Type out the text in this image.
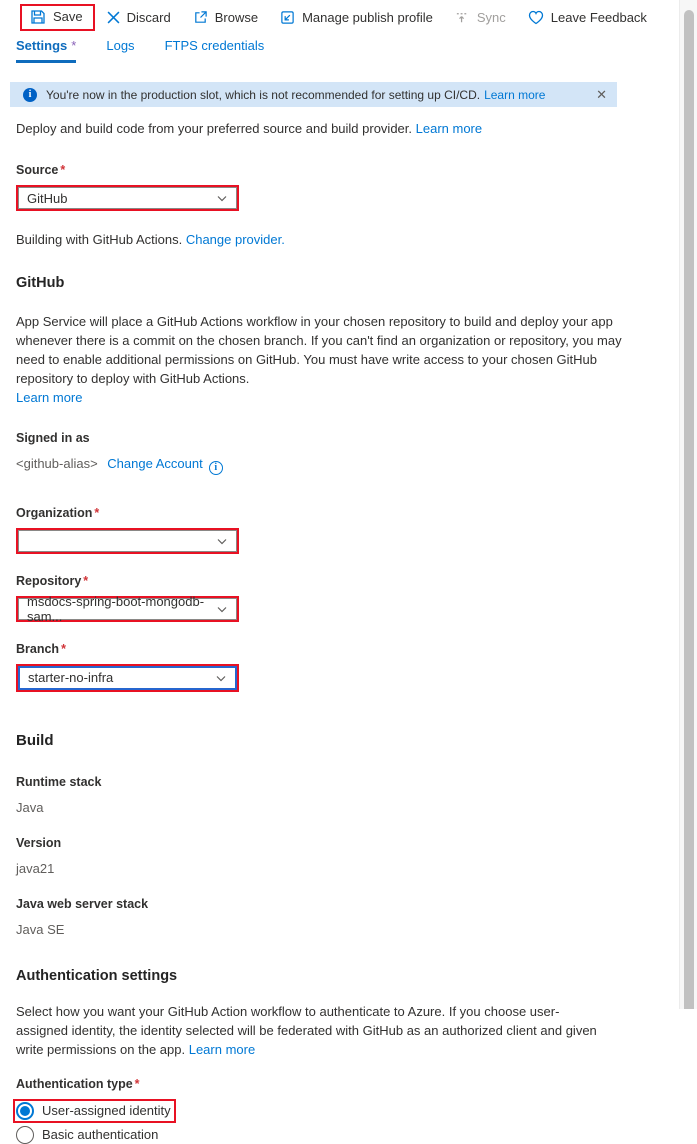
Save	Discard	Browse	Manage publish profile	Sync	Leave Feedback
Settings * Logs FTPS credentials
i	You're now in the production slot, which is not recommended for setting up CI/CD. Learn more	✕
Deploy and build code from your preferred source and build provider. Learn more
Source *
GitHub
Building with GitHub Actions. Change provider.
GitHub
App Service will place a GitHub Actions workflow in your chosen repository to build and deploy your app whenever there is a commit on the chosen branch. If you can't find an organization or repository, you may need to enable additional permissions on GitHub. You must have write access to your chosen GitHub repository to deploy with GitHub Actions.
Learn more
Signed in as
<github-alias> Change Account i
Organization *
Repository *
msdocs-spring-boot-mongodb-sam...
Branch *
starter-no-infra
Build
Runtime stack
Java
Version
java21
Java web server stack
Java SE
Authentication settings
Select how you want your GitHub Action workflow to authenticate to Azure. If you choose user-assigned identity, the identity selected will be federated with GitHub as an authorized client and given write permissions on the app. Learn more
Authentication type *
User-assigned identity
Basic authentication
